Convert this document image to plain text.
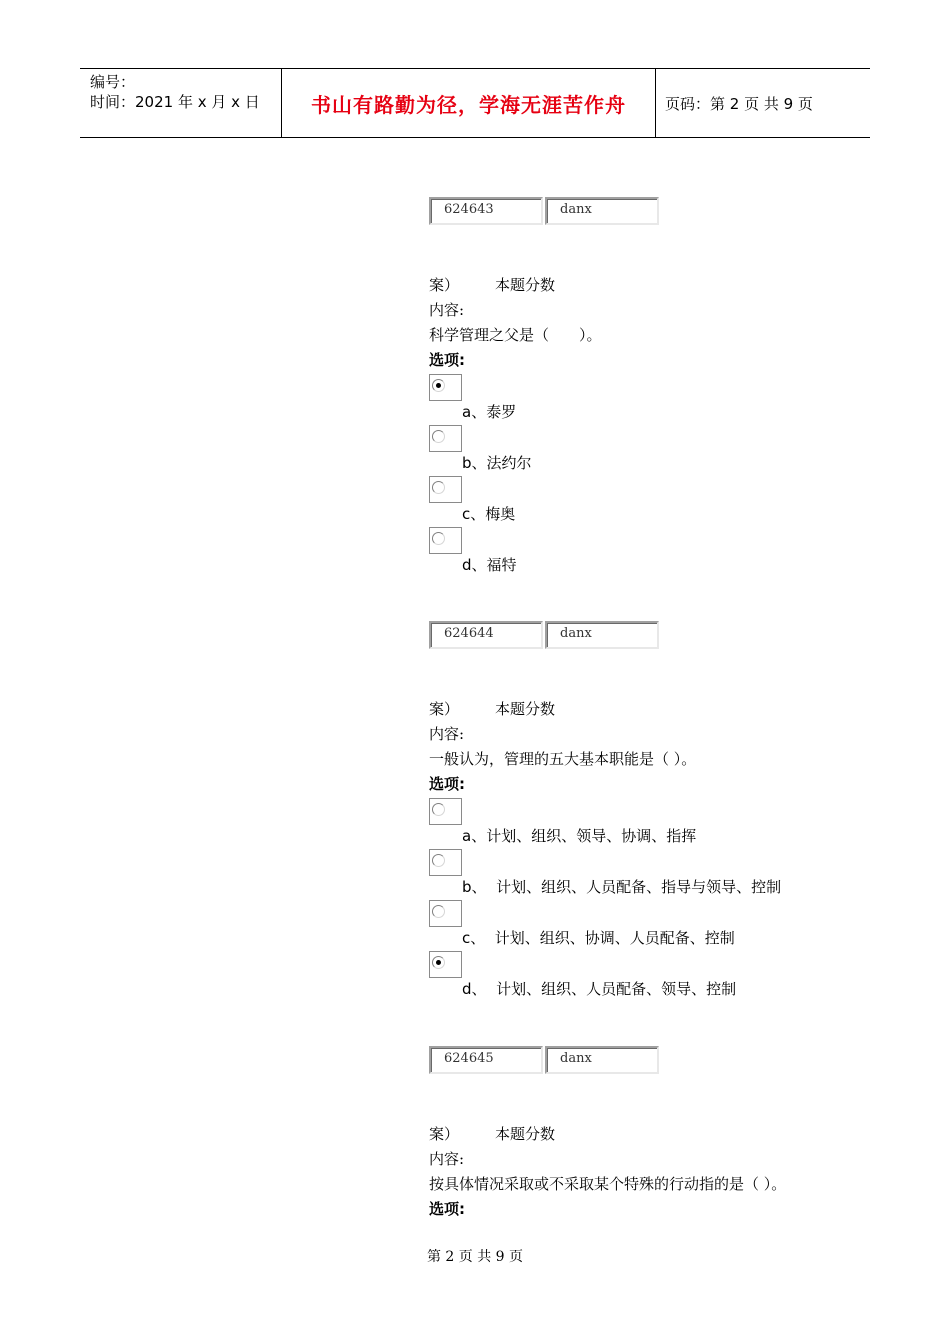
编号：
时间：2021 年 x 月 x 日	书山有路勤为径，学海无涯苦作舟	页码：第 2 页 共 9 页
624643	danx
案） 本题分数
内容:
科学管理之父是（　　）。
选项:
a、泰罗
b、法约尔
c、梅奥
d、福特
624644	danx
案） 本题分数
内容:
一般认为，管理的五大基本职能是（ ）。
选项:
a、计划、组织、领导、协调、指挥
b、  计划、组织、人员配备、指导与领导、控制
c、  计划、组织、协调、人员配备、控制
d、  计划、组织、人员配备、领导、控制
624645	danx
案） 本题分数
内容:
按具体情况采取或不采取某个特殊的行动指的是（ ）。
选项:
第 2 页 共 9 页
